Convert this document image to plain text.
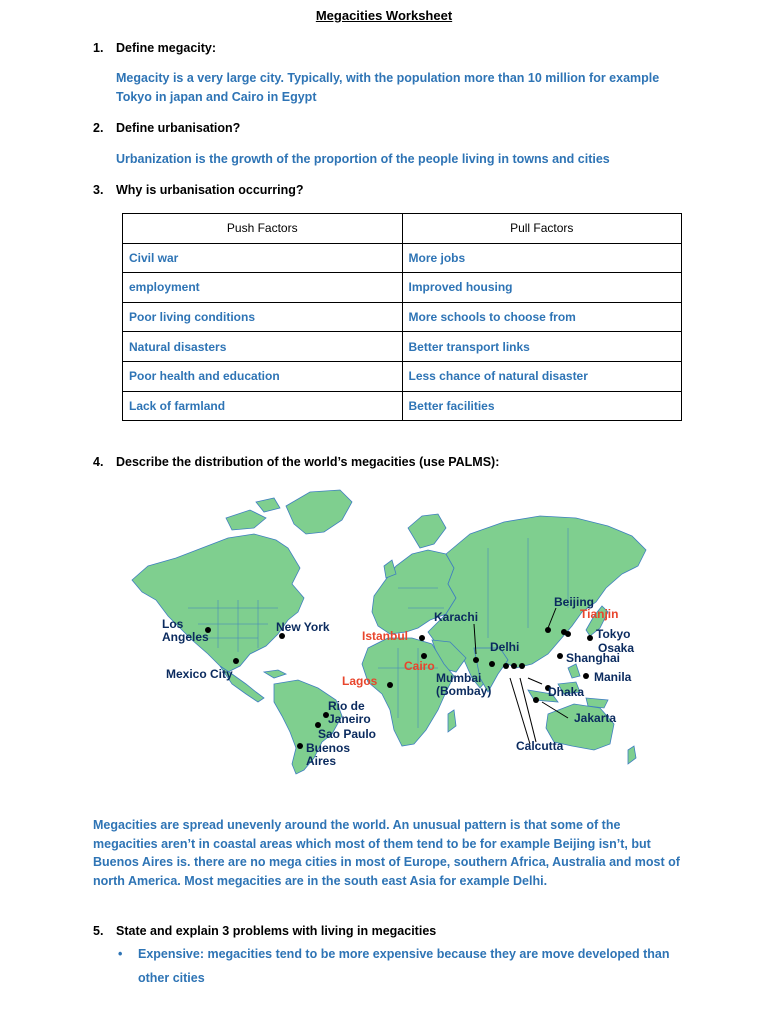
Megacities Worksheet
1. Define megacity:
Megacity is a very large city. Typically, with the population more than 10 million for example Tokyo in japan and Cairo in Egypt
2. Define urbanisation?
Urbanization is the growth of the proportion of the people living in towns and cities
3. Why is urbanisation occurring?
Push Factors	Pull Factors
Civil war	More jobs
employment	Improved housing
Poor living conditions	More schools to choose from
Natural disasters	Better transport links
Poor health and education	Less chance of natural disaster
Lack of farmland	Better facilities
4. Describe the distribution of the world’s megacities (use PALMS):
Los Angeles
New York
Mexico City
Rio de Janeiro
Sao Paulo
Buenos Aires
Istanbul
Cairo
Lagos
Karachi
Delhi
Mumbai (Bombay)
Calcutta
Dhaka
Jakarta
Manila
Shanghai
Osaka
Tokyo
Tianjin
Beijing
Megacities are spread unevenly around the world. An unusual pattern is that some of the megacities aren’t in coastal areas which most of them tend to be for example Beijing isn’t, but Buenos Aires is. there are no mega cities in most of Europe, southern Africa, Australia and most of north America. Most megacities are in the south east Asia for example Delhi.
5. State and explain 3 problems with living in megacities
• Expensive: megacities tend to be more expensive because they are move developed than other cities
